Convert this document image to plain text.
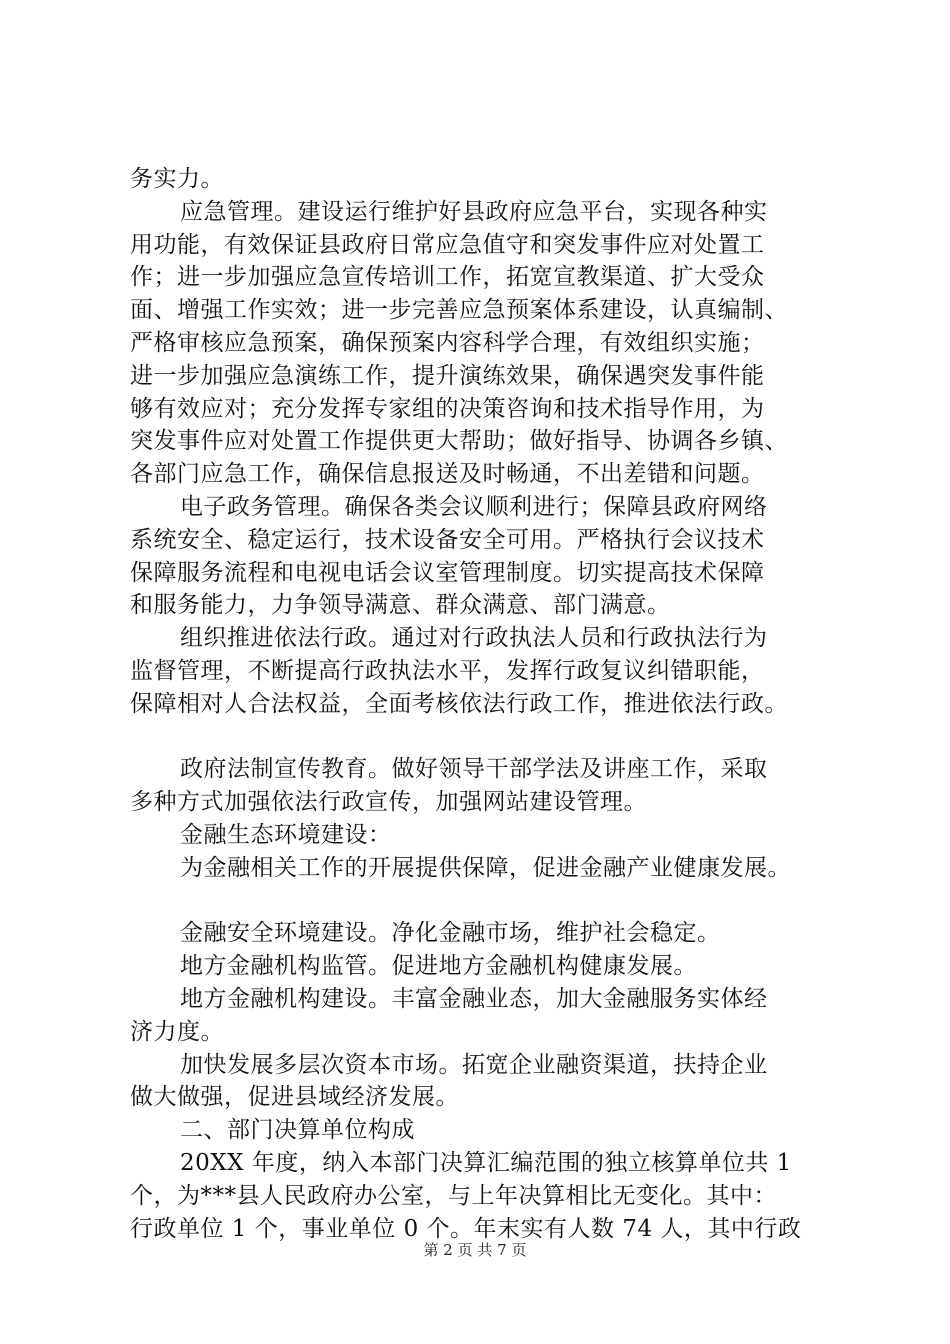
务实力。
应急管理。建设运行维护好县政府应急平台，实现各种实
用功能，有效保证县政府日常应急值守和突发事件应对处置工
作；进一步加强应急宣传培训工作，拓宽宣教渠道、扩大受众
面、增强工作实效；进一步完善应急预案体系建设，认真编制、
严格审核应急预案，确保预案内容科学合理，有效组织实施；
进一步加强应急演练工作，提升演练效果，确保遇突发事件能
够有效应对；充分发挥专家组的决策咨询和技术指导作用，为
突发事件应对处置工作提供更大帮助；做好指导、协调各乡镇、
各部门应急工作，确保信息报送及时畅通，不出差错和问题。
电子政务管理。确保各类会议顺利进行；保障县政府网络
系统安全、稳定运行，技术设备安全可用。严格执行会议技术
保障服务流程和电视电话会议室管理制度。切实提高技术保障
和服务能力，力争领导满意、群众满意、部门满意。
组织推进依法行政。通过对行政执法人员和行政执法行为
监督管理，不断提高行政执法水平，发挥行政复议纠错职能，
保障相对人合法权益，全面考核依法行政工作，推进依法行政。
政府法制宣传教育。做好领导干部学法及讲座工作，采取
多种方式加强依法行政宣传，加强网站建设管理。
金融生态环境建设：
为金融相关工作的开展提供保障，促进金融产业健康发展。
金融安全环境建设。净化金融市场，维护社会稳定。
地方金融机构监管。促进地方金融机构健康发展。
地方金融机构建设。丰富金融业态，加大金融服务实体经
济力度。
加快发展多层次资本市场。拓宽企业融资渠道，扶持企业
做大做强，促进县域经济发展。
二、部门决算单位构成
20XX 年度，纳入本部门决算汇编范围的独立核算单位共 1
个，为***县人民政府办公室，与上年决算相比无变化。其中：
行政单位 1 个，事业单位 0 个。年末实有人数 74 人，其中行政
第 2 页 共 7 页
